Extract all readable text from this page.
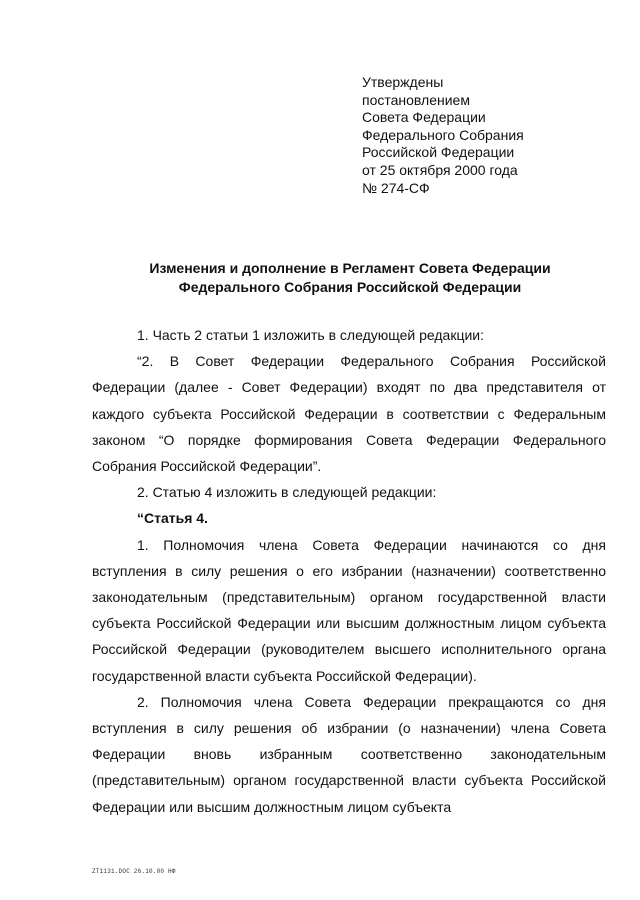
Утверждены
постановлением
Совета Федерации
Федерального Собрания
Российской Федерации
от 25 октября 2000 года
№ 274-СФ
Изменения и дополнение в Регламент Совета Федерации
Федерального Собрания Российской Федерации

1. Часть 2 статьи 1 изложить в следующей редакции:

“2. В Совет Федерации Федерального Собрания Российской Федерации (далее - Совет Федерации) входят по два представителя от каждого субъекта Российской Федерации в соответствии с Федеральным законом “О порядке формирования Совета Федерации Федерального Собрания Российской Федерации”.

2. Статью 4 изложить в следующей редакции:

“Статья 4.

1. Полномочия члена Совета Федерации начинаются со дня вступления в силу решения о его избрании (назначении) соответственно законодательным (представительным) органом государственной власти субъекта Российской Федерации или высшим должностным лицом субъекта Российской Федерации (руководителем высшего исполнительного органа государственной власти субъекта Российской Федерации).

2. Полномочия члена Совета Федерации прекращаются со дня вступления в силу решения об избрании (о назначении) члена Совета Федерации вновь избранным соответственно законодательным (представительным) органом государственной власти субъекта Российской Федерации или высшим должностным лицом субъекта

ZT1131.DOC 26.10.00 НФ
